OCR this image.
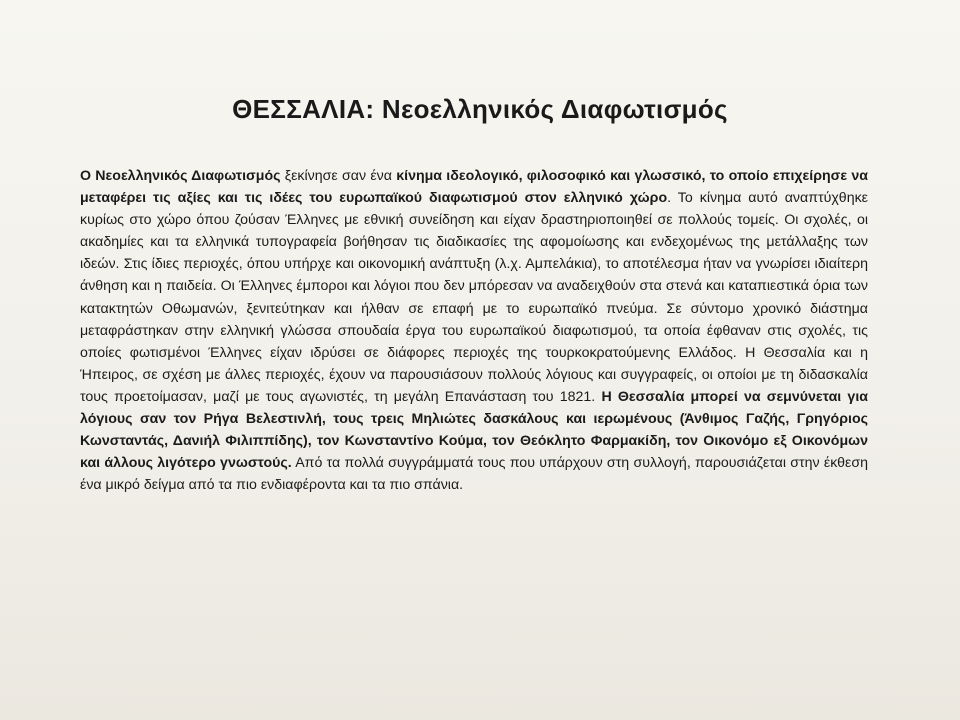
ΘΕΣΣΑΛΙΑ: Νεοελληνικός Διαφωτισμός

Ο Νεοελληνικός Διαφωτισμός ξεκίνησε σαν ένα κίνημα ιδεολογικό, φιλοσοφικό και γλωσσικό, το οποίο επιχείρησε να μεταφέρει τις αξίες και τις ιδέες του ευρωπαϊκού διαφωτισμού στον ελληνικό χώρο. Το κίνημα αυτό αναπτύχθηκε κυρίως στο χώρο όπου ζούσαν Έλληνες με εθνική συνείδηση και είχαν δραστηριοποιηθεί σε πολλούς τομείς. Οι σχολές, οι ακαδημίες και τα ελληνικά τυπογραφεία βοήθησαν τις διαδικασίες της αφομοίωσης και ενδεχομένως της μετάλλαξης των ιδεών. Στις ίδιες περιοχές, όπου υπήρχε και οικονομική ανάπτυξη (λ.χ. Αμπελάκια), το αποτέλεσμα ήταν να γνωρίσει ιδιαίτερη άνθηση και η παιδεία. Οι Έλληνες έμποροι και λόγιοι που δεν μπόρεσαν να αναδειχθούν στα στενά και καταπιεστικά όρια των κατακτητών Οθωμανών, ξενιτεύτηκαν και ήλθαν σε επαφή με το ευρωπαϊκό πνεύμα. Σε σύντομο χρονικό διάστημα μεταφράστηκαν στην ελληνική γλώσσα σπουδαία έργα του ευρωπαϊκού διαφωτισμού, τα οποία έφθαναν στις σχολές, τις οποίες φωτισμένοι Έλληνες είχαν ιδρύσει σε διάφορες περιοχές της τουρκοκρατούμενης Ελλάδος. Η Θεσσαλία και η Ήπειρος, σε σχέση με άλλες περιοχές, έχουν να παρουσιάσουν πολλούς λόγιους και συγγραφείς, οι οποίοι με τη διδασκαλία τους προετοίμασαν, μαζί με τους αγωνιστές, τη μεγάλη Επανάσταση του 1821. Η Θεσσαλία μπορεί να σεμνύνεται για λόγιους σαν τον Ρήγα Βελεστινλή, τους τρεις Μηλιώτες δασκάλους και ιερωμένους (Άνθιμος Γαζής, Γρηγόριος Κωνσταντάς, Δανιήλ Φιλιππίδης), τον Κωνσταντίνο Κούμα, τον Θεόκλητο Φαρμακίδη, τον Οικονόμο εξ Οικονόμων και άλλους λιγότερο γνωστούς. Από τα πολλά συγγράμματά τους που υπάρχουν στη συλλογή, παρουσιάζεται στην έκθεση ένα μικρό δείγμα από τα πιο ενδιαφέροντα και τα πιο σπάνια.
